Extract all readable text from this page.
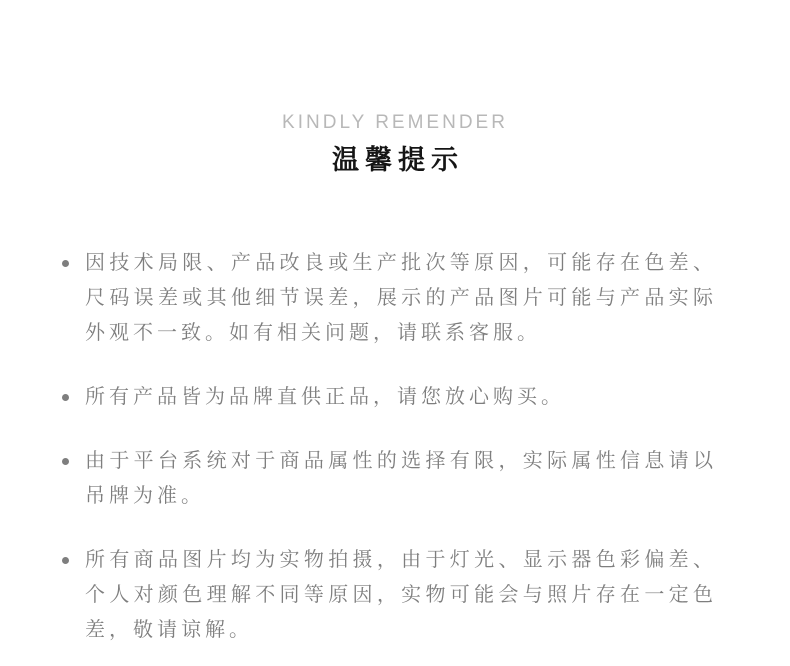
KINDLY REMENDER
温馨提示
因技术局限、产品改良或生产批次等原因，可能存在色差、尺码误差或其他细节误差，展示的产品图片可能与产品实际外观不一致。如有相关问题，请联系客服。
所有产品皆为品牌直供正品，请您放心购买。
由于平台系统对于商品属性的选择有限，实际属性信息请以吊牌为准。
所有商品图片均为实物拍摄，由于灯光、显示器色彩偏差、个人对颜色理解不同等原因，实物可能会与照片存在一定色差，敬请谅解。
